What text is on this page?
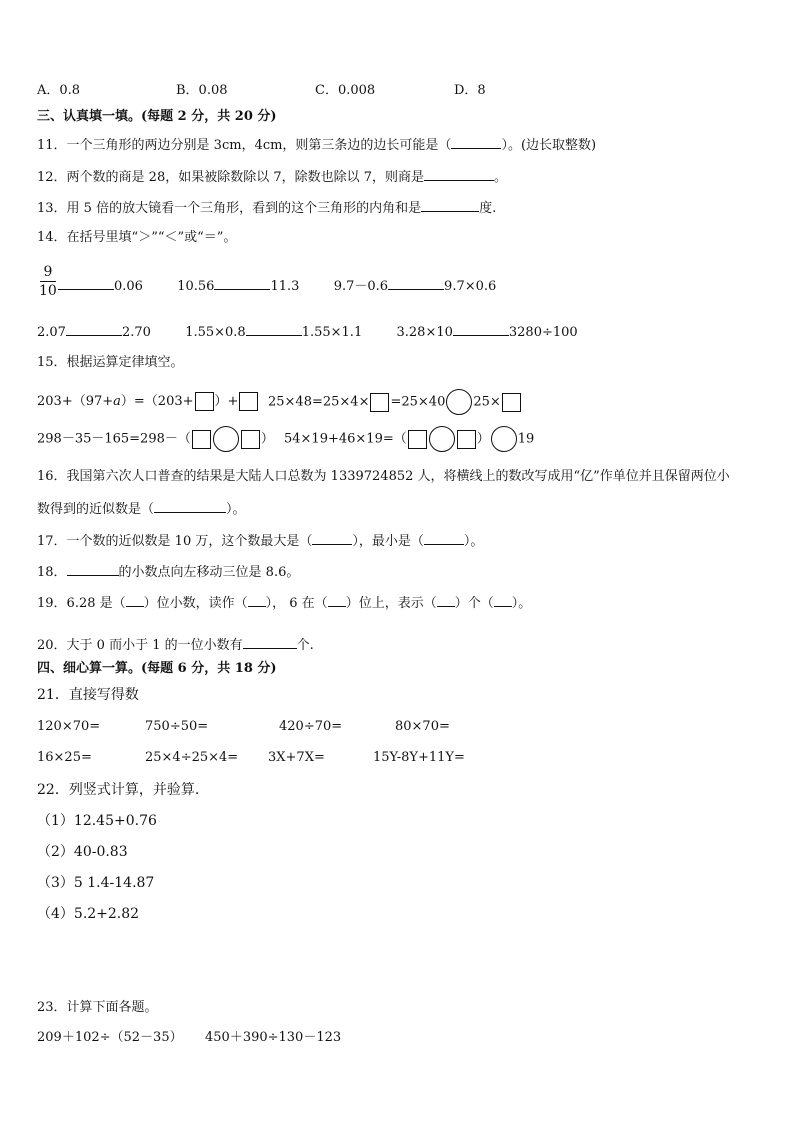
A．0.8	B．0.08	C．0.008	D．8
三、认真填一填。(每题 2 分，共 20 分)
11．一个三角形的两边分别是 3cm，4cm，则第三条边的边长可能是（	）。(边长取整数)
12．两个数的商是 28，如果被除数除以 7，除数也除以 7，则商是	。
13．用 5 倍的放大镜看一个三角形，看到的这个三角形的内角和是	度.
14．在括号里填“＞”“＜”或“＝”。
9
10	0.06	10.56	11.3	9.7－0.6	9.7×0.6
2.07	2.70	1.55×0.8	1.55×1.1	3.28×10	3280÷100
15．根据运算定律填空。
203+（97+a）=（203+ ）+	25×48=25×4× =25×40 25×
298－35－165=298－（	） 54×19+46×19=（	） 19
16．我国第六次人口普查的结果是大陆人口总数为 1339724852 人，将横线上的数改写成用“亿”作单位并且保留两位小
数得到的近似数是（	）。
17．一个数的近似数是 10 万，这个数最大是（	），最小是（	）。
18．	的小数点向左移动三位是 8.6。
19．6.28 是（ ）位小数，读作（ ）， 6 在（ ）位上，表示（ ）个（ ）。
20．大于 0 而小于 1 的一位小数有	个.
四、细心算一算。(每题 6 分，共 18 分)
21．直接写得数
120×70=	750÷50=	420÷70=	80×70=
16×25=	25×4÷25×4= 3X+7X=	15Y-8Y+11Y=
22．列竖式计算，并验算.
（1）12.45+0.76
（2）40-0.83
（3）5 1.4-14.87
（4）5.2+2.82
23．计算下面各题。
209＋102÷（52－35） 450＋390÷130－123
